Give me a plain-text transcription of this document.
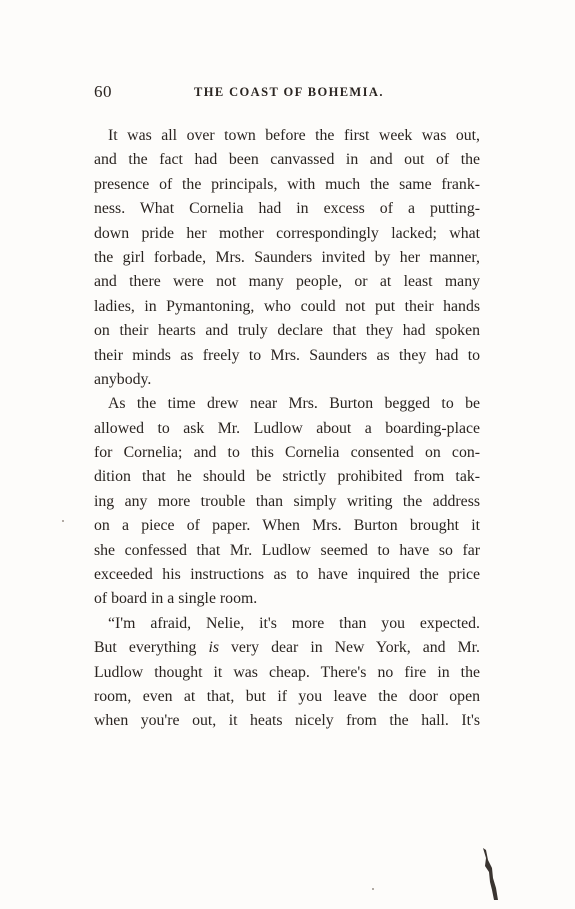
60	THE COAST OF BOHEMIA.
It was all over town before the first week was out,
and the fact had been canvassed in and out of the
presence of the principals, with much the same frank-
ness. What Cornelia had in excess of a putting-
down pride her mother correspondingly lacked; what
the girl forbade, Mrs. Saunders invited by her manner,
and there were not many people, or at least many
ladies, in Pymantoning, who could not put their hands
on their hearts and truly declare that they had spoken
their minds as freely to Mrs. Saunders as they had to
anybody.
As the time drew near Mrs. Burton begged to be
allowed to ask Mr. Ludlow about a boarding-place
for Cornelia; and to this Cornelia consented on con-
dition that he should be strictly prohibited from tak-
ing any more trouble than simply writing the address
on a piece of paper. When Mrs. Burton brought it
she confessed that Mr. Ludlow seemed to have so far
exceeded his instructions as to have inquired the price
of board in a single room.
“I'm afraid, Nelie, it's more than you expected.
But everything is very dear in New York, and Mr.
Ludlow thought it was cheap. There's no fire in the
room, even at that, but if you leave the door open
when you're out, it heats nicely from the hall. It's
